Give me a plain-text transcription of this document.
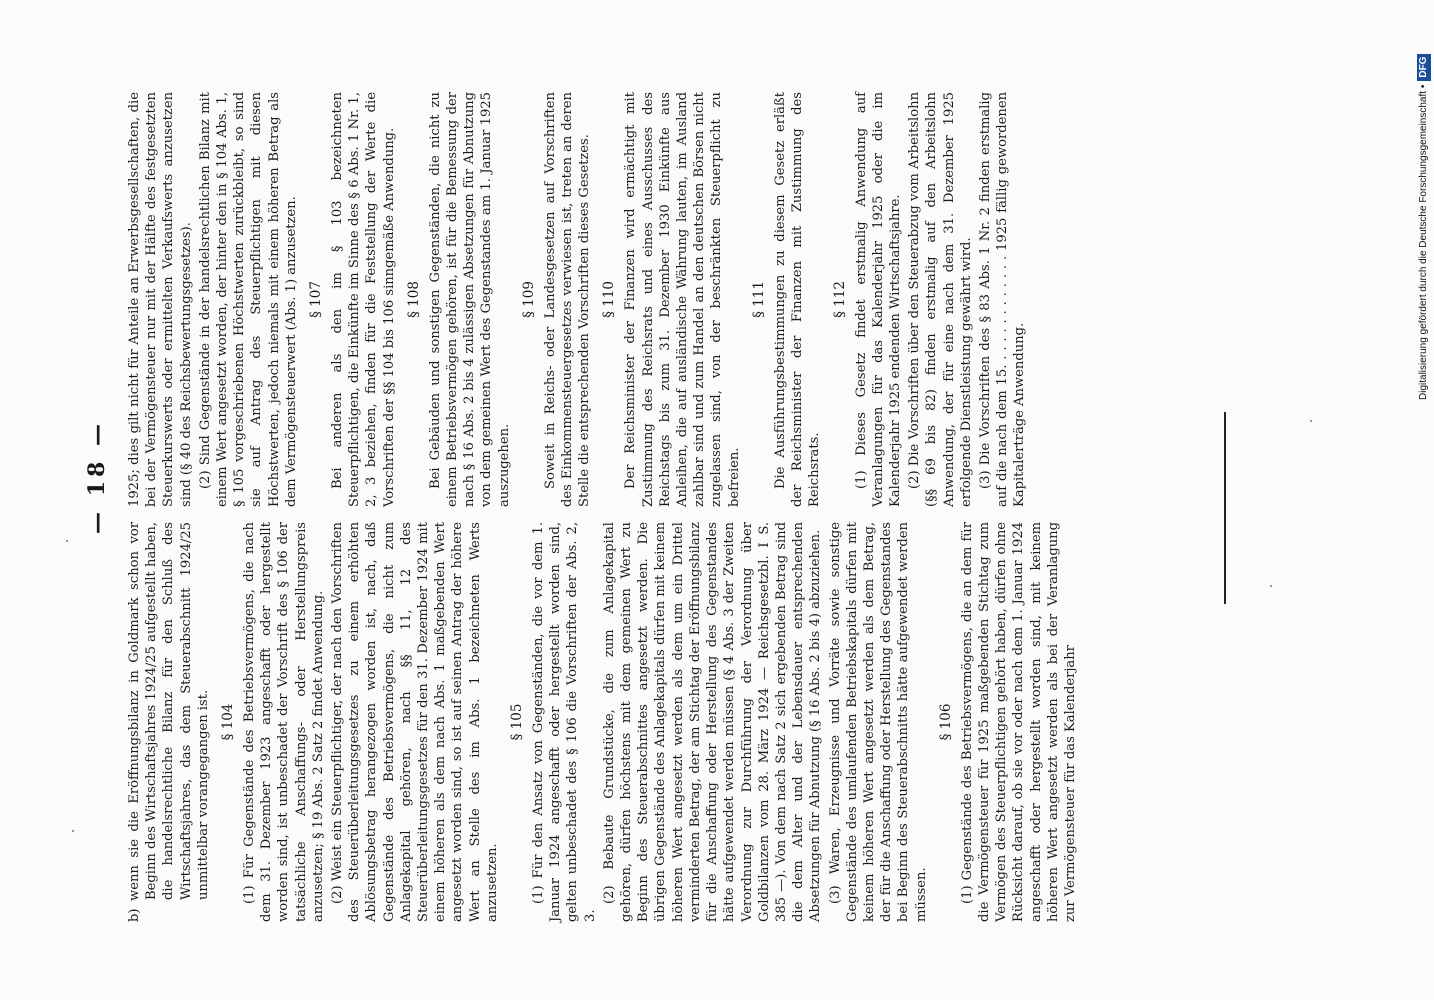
— 18 —

b) wenn sie die Eröffnungsbilanz in Goldmark schon vor Beginn des Wirtschaftsjahres 1924/25 aufgestellt haben, die handelsrechtliche Bilanz für den Schluß des Wirtschaftsjahres, das dem Steuerabschnitt 1924/25 unmittelbar vorangegangen ist. § 104 (1) Für Gegenstände des Betriebsvermögens, die nach dem 31. Dezember 1923 angeschafft oder hergestellt worden sind, ist unbeschadet der Vorschrift des § 106 der tatsächliche Anschaffungs- oder Herstellungspreis anzusetzen; § 19 Abs. 2 Satz 2 findet Anwendung. (2) Weist ein Steuerpflichtiger, der nach den Vorschriften des Steuerüberleitungsgesetzes zu einem erhöhten Ablösungsbetrag herangezogen worden ist, nach, daß Gegenstände des Betriebsvermögens, die nicht zum Anlagekapital gehören, nach §§ 11, 12 des Steuerüberleitungsgesetzes für den 31. Dezember 1924 mit einem höheren als dem nach Abs. 1 maßgebenden Wert angesetzt worden sind, so ist auf seinen Antrag der höhere Wert an Stelle des im Abs. 1 bezeichneten Werts anzusetzen.

§ 105 (1) Für den Ansatz von Gegenständen, die vor dem 1. Januar 1924 angeschafft oder hergestellt worden sind, gelten unbeschadet des § 106 die Vorschriften der Abs. 2, 3.

(2) Bebaute Grundstücke, die zum Anlagekapital gehören, dürfen höchstens mit dem gemeinen Wert zu Beginn des Steuerabschnittes angesetzt werden. Die übrigen Gegenstände des Anlagekapitals dürfen mit keinem höheren Wert angesetzt werden als dem um ein Drittel verminderten Betrag, der am Stichtag der Eröffnungsbilanz für die Anschaffung oder Herstellung des Gegenstandes hätte aufgewendet werden müssen (§ 4 Abs. 3 der Zweiten Verordnung zur Durchführung der Verordnung über Goldbilanzen vom 28. März 1924 — Reichsgesetzbl. I S. 385 —). Von dem nach Satz 2 sich ergebenden Betrag sind die dem Alter und der Lebensdauer entsprechenden Absetzungen für Abnutzung (§ 16 Abs. 2 bis 4) abzuziehen. (3) Waren, Erzeugnisse und Vorräte sowie sonstige Gegenstände des umlaufenden Betriebskapitals dürfen mit keinem höheren Wert angesetzt werden als dem Betrag, der für die Anschaffung oder Herstellung des Gegenstandes bei Beginn des Steuerabschnitts hätte aufgewendet werden müssen.

§ 106 (1) Gegenstände des Betriebsvermögens, die an dem für die Vermögensteuer für 1925 maßgebenden Stichtag zum Vermögen des Steuerpflichtigen gehört haben, dürfen ohne Rücksicht darauf, ob sie vor oder nach dem 1. Januar 1924 angeschafft oder hergestellt worden sind, mit keinem höheren Wert angesetzt werden als bei der Veranlagung zur Vermögensteuer für das Kalenderjahr

1925; dies gilt nicht für Anteile an Erwerbsgesellschaften, die bei der Vermögensteuer nur mit der Hälfte des festgesetzten Steuerkurswerts oder ermittelten Verkaufswerts anzusetzen sind (§ 40 des Reichsbewertungsgesetzes). (2) Sind Gegenstände in der handelsrechtlichen Bilanz mit einem Wert angesetzt worden, der hinter den in § 104 Abs. 1, § 105 vorgeschriebenen Höchstwerten zurückbleibt, so sind sie auf Antrag des Steuerpflichtigen mit diesen Höchstwerten, jedoch niemals mit einem höheren Betrag als dem Vermögensteuerwert (Abs. 1) anzusetzen. § 107 Bei anderen als den im § 103 bezeichneten Steuerpflichtigen, die Einkünfte im Sinne des § 6 Abs. 1 Nr. 1, 2, 3 beziehen, finden für die Feststellung der Werte die Vorschriften der §§ 104 bis 106 sinngemäße Anwendung. § 108 Bei Gebäuden und sonstigen Gegenständen, die nicht zu einem Betriebsvermögen gehören, ist für die Bemessung der nach § 16 Abs. 2 bis 4 zulässigen Absetzungen für Abnutzung von dem gemeinen Wert des Gegenstandes am 1. Januar 1925 auszugehen.

§ 109 Soweit in Reichs- oder Landesgesetzen auf Vorschriften des Einkommensteuergesetzes verwiesen ist, treten an deren Stelle die entsprechenden Vorschriften dieses Gesetzes. § 110 Der Reichsminister der Finanzen wird ermächtigt mit Zustimmung des Reichsrats und eines Ausschusses des Reichstags bis zum 31. Dezember 1930 Einkünfte aus Anleihen, die auf ausländische Währung lauten, im Ausland zahlbar sind und zum Handel an den deutschen Börsen nicht zugelassen sind, von der beschränkten Steuerpflicht zu befreien.

§ 111 Die Ausführungsbestimmungen zu diesem Gesetz erläßt der Reichsminister der Finanzen mit Zustimmung des Reichsrats.

§ 112 (1) Dieses Gesetz findet erstmalig Anwendung auf Veranlagungen für das Kalenderjahr 1925 oder die im Kalenderjahr 1925 endenden Wirtschaftsjahre. (2) Die Vorschriften über den Steuerabzug vom Arbeitslohn (§§ 69 bis 82) finden erstmalig auf den Arbeitslohn Anwendung, der für eine nach dem 31. Dezember 1925 erfolgende Dienstleistung gewährt wird. (3) Die Vorschriften des § 83 Abs. 1 Nr. 2 finden erstmalig auf die nach dem 15. . . . . . . . . . . . . 1925 fällig gewordenen Kapitalerträge Anwendung.

Digitalisierung gefördert durch die Deutsche Forschungsgemeinschaft •DFG
